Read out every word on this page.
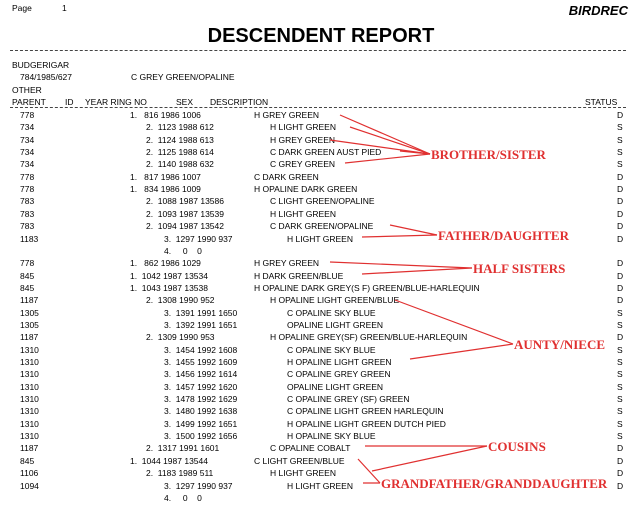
Page	1	BIRDREC
DESCENDENT REPORT
BUDGERIGAR
784/1985/627	C GREY GREEN/OPALINE
OTHER
PARENT ID YEAR RING NO	SEX DESCRIPTION	STATUS
778	1.   816 1986 1006	H GREY GREEN	D
734	2.  1123 1988 612	H LIGHT GREEN	S
734	2.  1124 1988 613	H GREY GREEN	S
734	2.  1125 1988 614	C DARK GREEN AUST PIED	S
734	2.  1140 1988 632	C GREY GREEN	S
778	1.   817 1986 1007	C DARK GREEN	D
778	1.   834 1986 1009	H OPALINE DARK GREEN	D
783	2.  1088 1987 13586	C LIGHT GREEN/OPALINE	D
783	2.  1093 1987 13539	H LIGHT GREEN	D
783	2.  1094 1987 13542	C DARK GREEN/OPALINE	D
1183	3.  1297 1990 937	H LIGHT GREEN	D
4.     0    0
778	1.   862 1986 1029	H GREY GREEN	D
845	1.  1042 1987 13534	H DARK GREEN/BLUE	D
845	1.  1043 1987 13538	H OPALINE DARK GREY(S F) GREEN/BLUE-HARLEQUIN	D
1187	2.  1308 1990 952	H OPALINE LIGHT GREEN/BLUE	D
1305	3.  1391 1991 1650	C OPALINE SKY BLUE	S
1305	3.  1392 1991 1651	OPALINE LIGHT GREEN	S
1187	2.  1309 1990 953	H OPALINE GREY(SF) GREEN/BLUE-HARLEQUIN	D
1310	3.  1454 1992 1608	C OPALINE SKY BLUE	S
1310	3.  1455 1992 1609	H OPALINE LIGHT GREEN	S
1310	3.  1456 1992 1614	C OPALINE GREY GREEN	S
1310	3.  1457 1992 1620	OPALINE LIGHT GREEN	S
1310	3.  1478 1992 1629	C OPALINE GREY (SF) GREEN	S
1310	3.  1480 1992 1638	C OPALINE LIGHT GREEN HARLEQUIN	S
1310	3.  1499 1992 1651	H OPALINE LIGHT GREEN DUTCH PIED	S
1310	3.  1500 1992 1656	H OPALINE SKY BLUE	S
1187	2.  1317 1991 1601	C OPALINE COBALT	D
845	1.  1044 1987 13544	C LIGHT GREEN/BLUE	D
1106	2.  1183 1989 511	H LIGHT GREEN	D
1094	3.  1297 1990 937	H LIGHT GREEN	D
4.     0    0
BROTHER/SISTER
FATHER/DAUGHTER
HALF SISTERS
AUNTY/NIECE
COUSINS
GRANDFATHER/GRANDDAUGHTER
